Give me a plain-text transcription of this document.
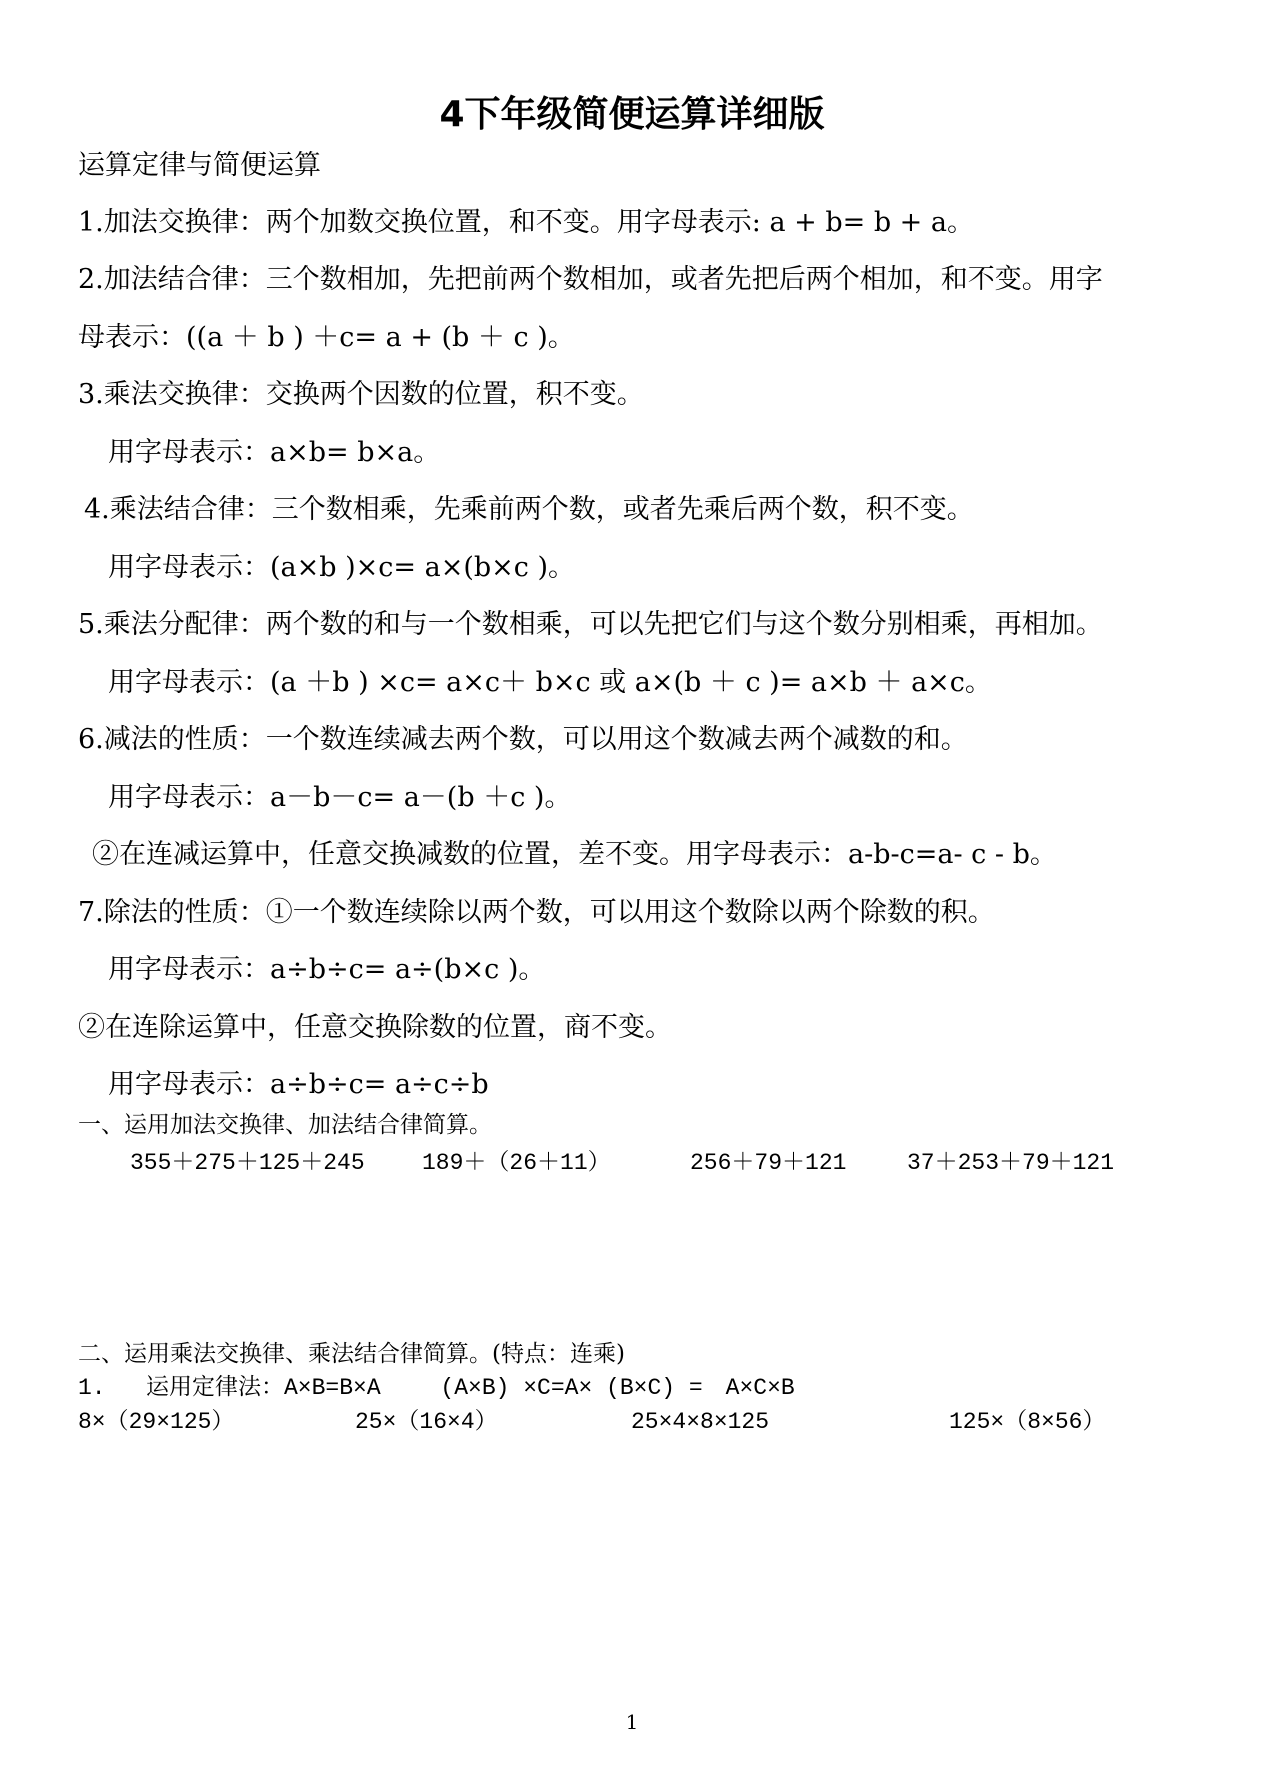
4下年级简便运算详细版
运算定律与简便运算
1.加法交换律：两个加数交换位置，和不变。用字母表示: a + b= b + a。
2.加法结合律：三个数相加，先把前两个数相加，或者先把后两个相加，和不变。用字
母表示：((a ＋ b ) ＋c= a + (b ＋ c )。
3.乘法交换律：交换两个因数的位置，积不变。
用字母表示：a×b= b×a。
4.乘法结合律：三个数相乘，先乘前两个数，或者先乘后两个数，积不变。
用字母表示：(a×b )×c= a×(b×c )。
5.乘法分配律：两个数的和与一个数相乘，可以先把它们与这个数分别相乘，再相加。
用字母表示：(a ＋b ) ×c= a×c＋ b×c 或 a×(b ＋ c )= a×b ＋ a×c。
6.减法的性质：一个数连续减去两个数，可以用这个数减去两个减数的和。
用字母表示：a－b－c= a－(b ＋c )。
②在连减运算中，任意交换减数的位置，差不变。用字母表示：a-b-c=a- c - b。
7.除法的性质：①一个数连续除以两个数，可以用这个数除以两个除数的积。
用字母表示：a÷b÷c= a÷(b×c )。
②在连除运算中，任意交换除数的位置，商不变。
用字母表示：a÷b÷c= a÷c÷b
一、运用加法交换律、加法结合律简算。
355＋275＋125＋245 189＋（26＋11）	256＋79＋121	37＋253＋79＋121
二、运用乘法交换律、乘法结合律简算。(特点：连乘)
1. 运用定律法：A×B=B×A　　 (A×B) ×C=A× (B×C) =　A×C×B
8×（29×125）	25×（16×4）	25×4×8×125	125×（8×56）
1
